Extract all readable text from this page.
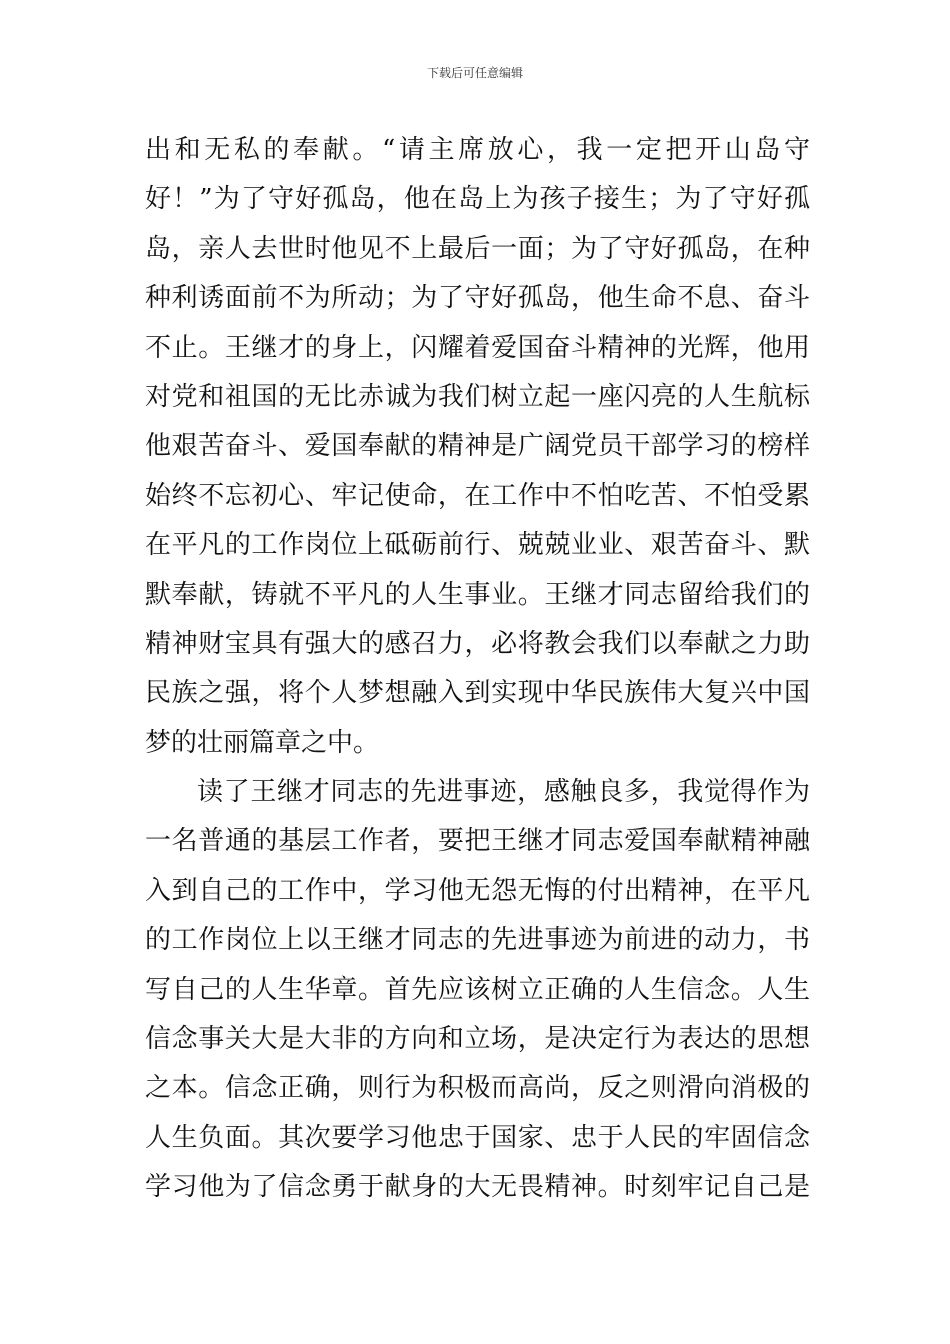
下载后可任意编辑
出和无私的奉献。“请主席放心，我一定把开山岛守
好！”为了守好孤岛，他在岛上为孩子接生；为了守好孤
岛，亲人去世时他见不上最后一面；为了守好孤岛，在种
种利诱面前不为所动；为了守好孤岛，他生命不息、奋斗
不止。王继才的身上，闪耀着爱国奋斗精神的光辉，他用
对党和祖国的无比赤诚为我们树立起一座闪亮的人生航标
他艰苦奋斗、爱国奉献的精神是广阔党员干部学习的榜样
始终不忘初心、牢记使命，在工作中不怕吃苦、不怕受累
在平凡的工作岗位上砥砺前行、兢兢业业、艰苦奋斗、默
默奉献，铸就不平凡的人生事业。王继才同志留给我们的
精神财宝具有强大的感召力，必将教会我们以奉献之力助
民族之强，将个人梦想融入到实现中华民族伟大复兴中国
梦的壮丽篇章之中。
读了王继才同志的先进事迹，感触良多，我觉得作为
一名普通的基层工作者，要把王继才同志爱国奉献精神融
入到自己的工作中，学习他无怨无悔的付出精神，在平凡
的工作岗位上以王继才同志的先进事迹为前进的动力，书
写自己的人生华章。首先应该树立正确的人生信念。人生
信念事关大是大非的方向和立场，是决定行为表达的思想
之本。信念正确，则行为积极而高尚，反之则滑向消极的
人生负面。其次要学习他忠于国家、忠于人民的牢固信念
学习他为了信念勇于献身的大无畏精神。时刻牢记自己是
